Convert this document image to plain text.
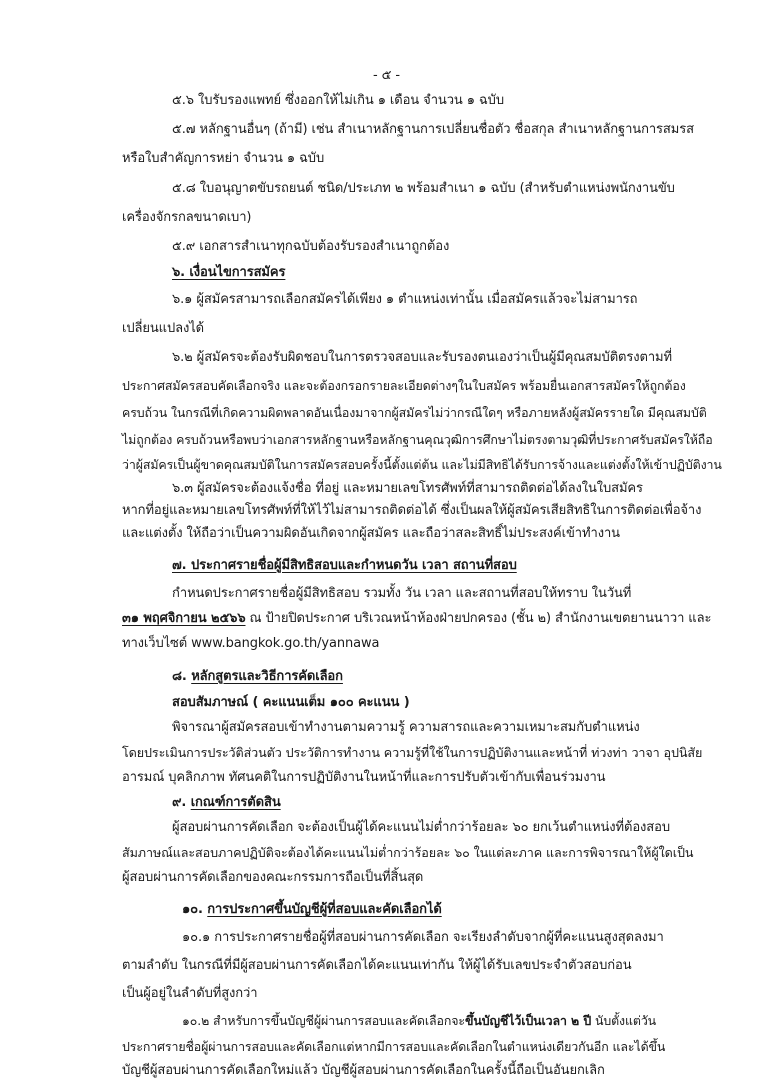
- ๕ -
๕.๖ ใบรับรองแพทย์ ซึ่งออกให้ไม่เกิน ๑ เดือน จำนวน ๑ ฉบับ
๕.๗ หลักฐานอื่นๆ (ถ้ามี) เช่น สำเนาหลักฐานการเปลี่ยนชื่อตัว ชื่อสกุล สำเนาหลักฐานการสมรส
หรือใบสำคัญการหย่า จำนวน ๑ ฉบับ
๕.๘ ใบอนุญาตขับรถยนต์ ชนิด/ประเภท ๒ พร้อมสำเนา ๑ ฉบับ (สำหรับตำแหน่งพนักงานขับ
เครื่องจักรกลขนาดเบา)
๕.๙ เอกสารสำเนาทุกฉบับต้องรับรองสำเนาถูกต้อง
๖. เงื่อนไขการสมัคร
๖.๑ ผู้สมัครสามารถเลือกสมัครได้เพียง ๑ ตำแหน่งเท่านั้น เมื่อสมัครแล้วจะไม่สามารถ
เปลี่ยนแปลงได้
๖.๒ ผู้สมัครจะต้องรับผิดชอบในการตรวจสอบและรับรองตนเองว่าเป็นผู้มีคุณสมบัติตรงตามที่
ประกาศสมัครสอบคัดเลือกจริง และจะต้องกรอกรายละเอียดต่างๆในใบสมัคร พร้อมยื่นเอกสารสมัครให้ถูกต้อง
ครบถ้วน ในกรณีที่เกิดความผิดพลาดอันเนื่องมาจากผู้สมัครไม่ว่ากรณีใดๆ หรือภายหลังผู้สมัครรายใด มีคุณสมบัติ
ไม่ถูกต้อง ครบถ้วนหรือพบว่าเอกสารหลักฐานหรือหลักฐานคุณวุฒิการศึกษาไม่ตรงตามวุฒิที่ประกาศรับสมัครให้ถือ
ว่าผู้สมัครเป็นผู้ขาดคุณสมบัติในการสมัครสอบครั้งนี้ตั้งแต่ต้น และไม่มีสิทธิได้รับการจ้างและแต่งตั้งให้เข้าปฏิบัติงาน
๖.๓ ผู้สมัครจะต้องแจ้งชื่อ ที่อยู่ และหมายเลขโทรศัพท์ที่สามารถติดต่อได้ลงในใบสมัคร
หากที่อยู่และหมายเลขโทรศัพท์ที่ให้ไว้ไม่สามารถติดต่อได้ ซึ่งเป็นผลให้ผู้สมัครเสียสิทธิในการติดต่อเพื่อจ้าง
และแต่งตั้ง ให้ถือว่าเป็นความผิดอันเกิดจากผู้สมัคร และถือว่าสละสิทธิ์ไม่ประสงค์เข้าทำงาน
๗. ประกาศรายชื่อผู้มีสิทธิสอบและกำหนดวัน เวลา สถานที่สอบ
กำหนดประกาศรายชื่อผู้มีสิทธิสอบ รวมทั้ง วัน เวลา และสถานที่สอบให้ทราบ ในวันที่
๓๑ พฤศจิกายน ๒๕๖๖ ณ ป้ายปิดประกาศ บริเวณหน้าห้องฝ่ายปกครอง (ชั้น ๒) สำนักงานเขตยานนาวา และ
ทางเว็บไซต์ www.bangkok.go.th/yannawa
๘. หลักสูตรและวิธีการคัดเลือก
สอบสัมภาษณ์ ( คะแนนเต็ม ๑๐๐ คะแนน )
พิจารณาผู้สมัครสอบเข้าทำงานตามความรู้ ความสารถและความเหมาะสมกับตำแหน่ง
โดยประเมินการประวัติส่วนตัว ประวัติการทำงาน ความรู้ที่ใช้ในการปฏิบัติงานและหน้าที่ ท่วงท่า วาจา อุปนิสัย
อารมณ์ บุคลิกภาพ ทัศนคติในการปฏิบัติงานในหน้าที่และการปรับตัวเข้ากับเพื่อนร่วมงาน
๙. เกณฑ์การตัดสิน
ผู้สอบผ่านการคัดเลือก จะต้องเป็นผู้ได้คะแนนไม่ต่ำกว่าร้อยละ ๖๐ ยกเว้นตำแหน่งที่ต้องสอบ
สัมภาษณ์และสอบภาคปฏิบัติจะต้องได้คะแนนไม่ต่ำกว่าร้อยละ ๖๐ ในแต่ละภาค และการพิจารณาให้ผู้ใดเป็น
ผู้สอบผ่านการคัดเลือกของคณะกรรมการถือเป็นที่สิ้นสุด
๑๐. การประกาศขึ้นบัญชีผู้ที่สอบและคัดเลือกได้
๑๐.๑ การประกาศรายชื่อผู้ที่สอบผ่านการคัดเลือก จะเรียงลำดับจากผู้ที่คะแนนสูงสุดลงมา
ตามลำดับ ในกรณีที่มีผู้สอบผ่านการคัดเลือกได้คะแนนเท่ากัน ให้ผู้ได้รับเลขประจำตัวสอบก่อน
เป็นผู้อยู่ในลำดับที่สูงกว่า
๑๐.๒ สำหรับการขึ้นบัญชีผู้ผ่านการสอบและคัดเลือกจะขึ้นบัญชีไว้เป็นเวลา ๒ ปี นับตั้งแต่วัน
ประกาศรายชื่อผู้ผ่านการสอบและคัดเลือกแต่หากมีการสอบและคัดเลือกในตำแหน่งเดียวกันอีก และได้ขึ้น
บัญชีผู้สอบผ่านการคัดเลือกใหม่แล้ว บัญชีผู้สอบผ่านการคัดเลือกในครั้งนี้ถือเป็นอันยกเลิก
